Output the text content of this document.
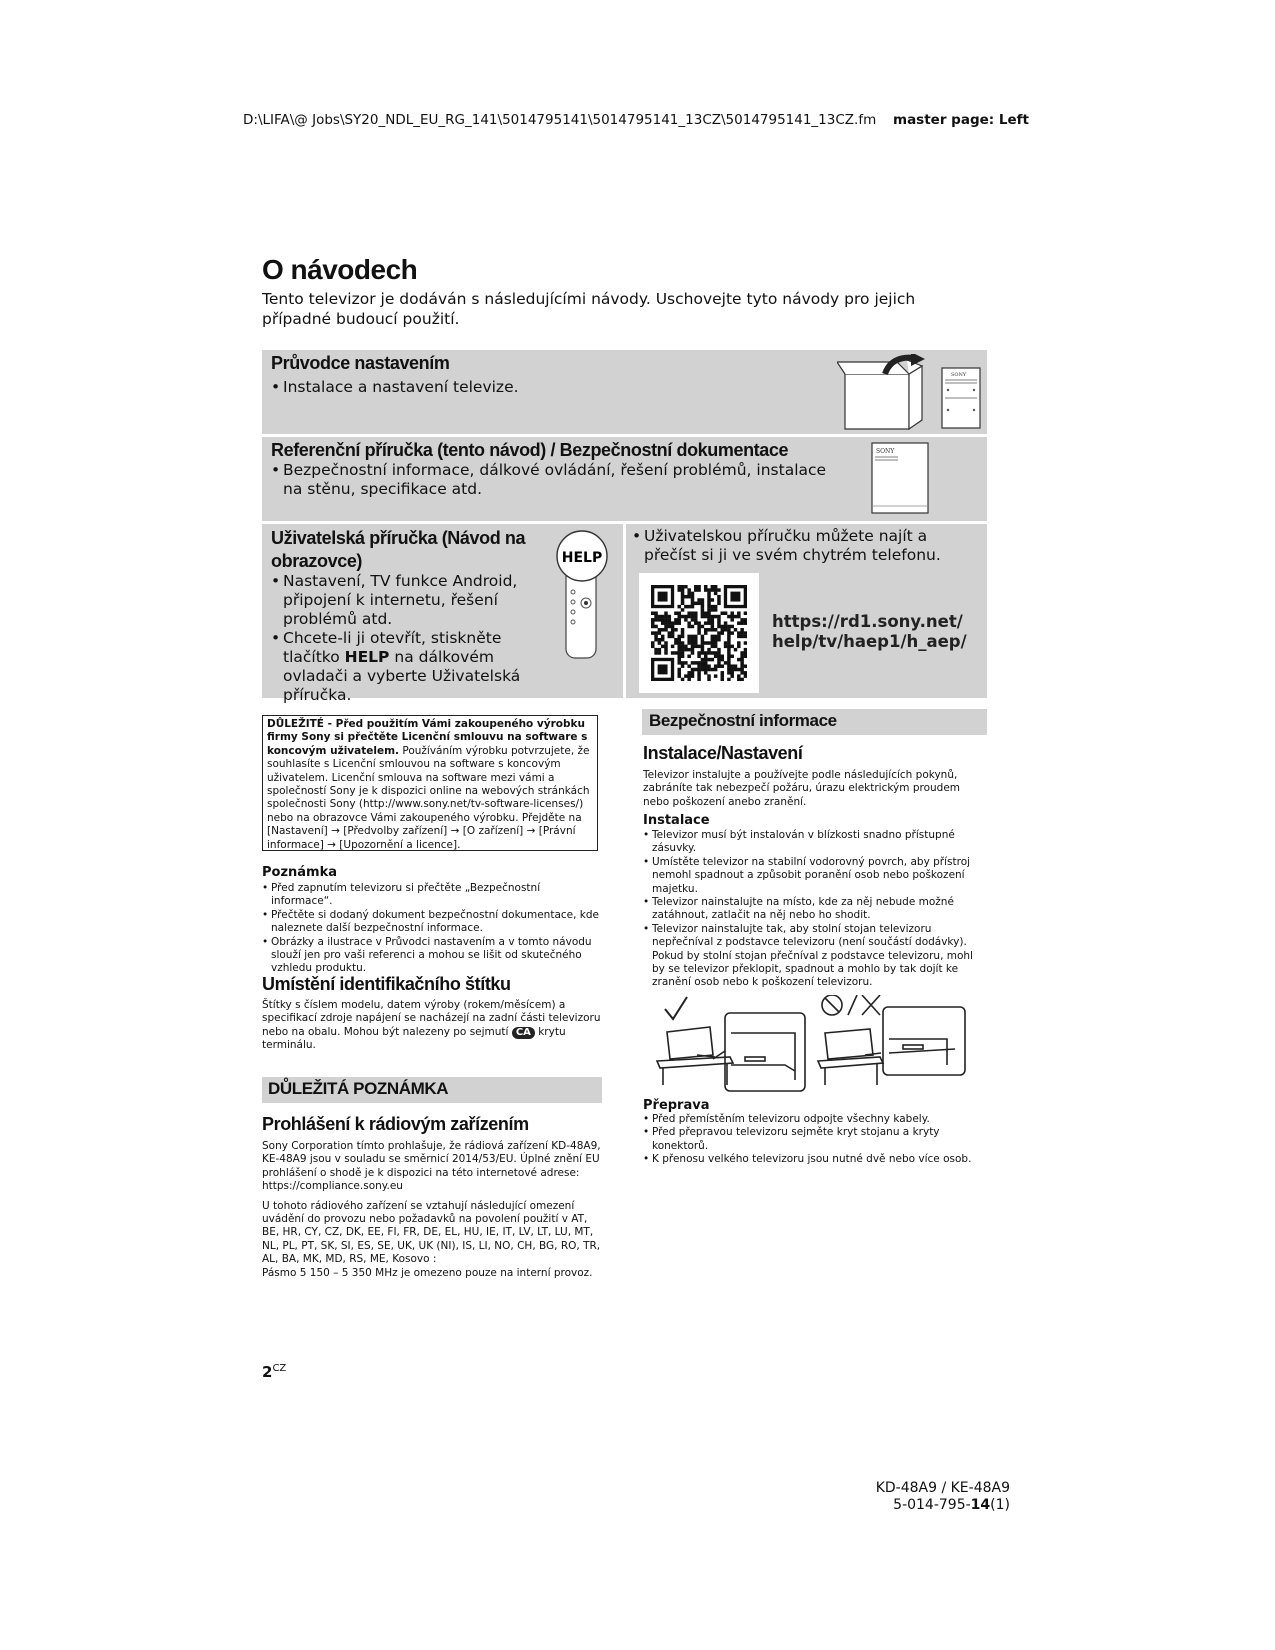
D:\LIFA\@ Jobs\SY20_NDL_EU_RG_141\5014795141\5014795141_13CZ\5014795141_13CZ.fm master page: Left
O návodech
Tento televizor je dodáván s následujícími návody. Uschovejte tyto návody pro jejich případné budoucí použití.
Průvodce nastavením
• Instalace a nastavení televize.
SONY
Referenční příručka (tento návod) / Bezpečnostní dokumentace
• Bezpečnostní informace, dálkové ovládání, řešení problémů, instalace na stěnu, specifikace atd.
SONY
Uživatelská příručka (Návod na obrazovce)
• Nastavení, TV funkce Android, připojení k internetu, řešení problémů atd.
• Chcete-li ji otevřít, stiskněte tlačítko HELP na dálkovém ovladači a vyberte Uživatelská příručka.
HELP
• Uživatelskou příručku můžete najít a přečíst si ji ve svém chytrém telefonu.
https://rd1.sony.net/ help/tv/haep1/h_aep/
DŮLEŽITÉ - Před použitím Vámi zakoupeného výrobku firmy Sony si přečtěte Licenční smlouvu na software s koncovým uživatelem. Používáním výrobku potvrzujete, že souhlasíte s Licenční smlouvou na software s koncovým uživatelem. Licenční smlouva na software mezi vámi a společností Sony je k dispozici online na webových stránkách společnosti Sony (http://www.sony.net/tv-software-licenses/) nebo na obrazovce Vámi zakoupeného výrobku. Přejděte na [Nastavení] → [Předvolby zařízení] → [O zařízení] → [Právní informace] → [Upozornění a licence].
Poznámka
• Před zapnutím televizoru si přečtěte „Bezpečnostní informace“.
• Přečtěte si dodaný dokument bezpečnostní dokumentace, kde naleznete další bezpečnostní informace.
• Obrázky a ilustrace v Průvodci nastavením a v tomto návodu slouží jen pro vaši referenci a mohou se lišit od skutečného vzhledu produktu.
Umístění identifikačního štítku
Štítky s číslem modelu, datem výroby (rokem/měsícem) a specifikací zdroje napájení se nacházejí na zadní části televizoru nebo na obalu. Mohou být nalezeny po sejmutí CA krytu terminálu.
DŮLEŽITÁ POZNÁMKA
Prohlášení k rádiovým zařízením
Sony Corporation tímto prohlašuje, že rádiová zařízení KD-48A9, KE-48A9 jsou v souladu se směrnicí 2014/53/EU. Úplné znění EU prohlášení o shodě je k dispozici na této internetové adrese: https://compliance.sony.eu
U tohoto rádiového zařízení se vztahují následující omezení uvádění do provozu nebo požadavků na povolení použití v AT, BE, HR, CY, CZ, DK, EE, FI, FR, DE, EL, HU, IE, IT, LV, LT, LU, MT, NL, PL, PT, SK, SI, ES, SE, UK, UK (NI), IS, LI, NO, CH, BG, RO, TR, AL, BA, MK, MD, RS, ME, Kosovo :
Pásmo 5 150 – 5 350 MHz je omezeno pouze na interní provoz.
Bezpečnostní informace
Instalace/Nastavení
Televizor instalujte a používejte podle následujících pokynů, zabráníte tak nebezpečí požáru, úrazu elektrickým proudem nebo poškození anebo zranění.
Instalace
• Televizor musí být instalován v blízkosti snadno přístupné zásuvky.
• Umístěte televizor na stabilní vodorovný povrch, aby přístroj nemohl spadnout a způsobit poranění osob nebo poškození majetku.
• Televizor nainstalujte na místo, kde za něj nebude možné zatáhnout, zatlačit na něj nebo ho shodit.
• Televizor nainstalujte tak, aby stolní stojan televizoru nepřečníval z podstavce televizoru (není součástí dodávky). Pokud by stolní stojan přečníval z podstavce televizoru, mohl by se televizor překlopit, spadnout a mohlo by tak dojít ke zranění osob nebo k poškození televizoru.
Přeprava
• Před přemístěním televizoru odpojte všechny kabely.
• Před přepravou televizoru sejměte kryt stojanu a kryty konektorů.
• K přenosu velkého televizoru jsou nutné dvě nebo více osob.
$2^{CZ}$
KD-48A9 / KE-48A9
5-014-795-14(1)
